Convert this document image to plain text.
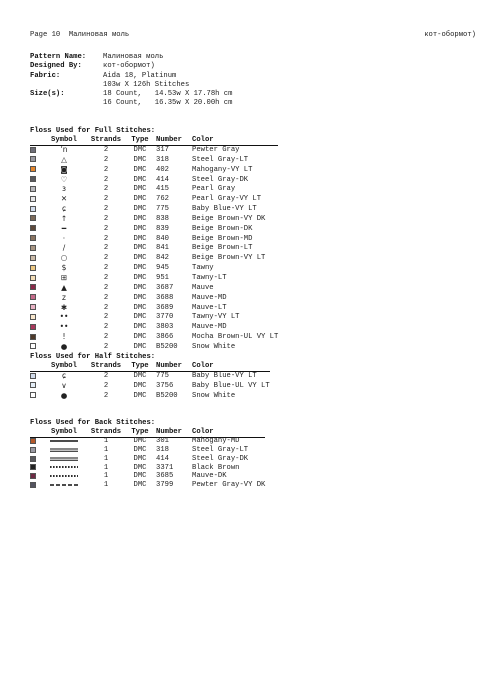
Page 10 Малиновая моль	кот-обормот)
Pattern Name:	Малиновая моль
Designed By:	кот-обормот)
Fabric:	Aida 18, Platinum
103w X 126h Stitches
Size(s):	18 Count,   14.53w X 17.78h cm
16 Count,   16.35w X 20.00h cm
Floss Used for Full Stitches:
	Symbol	Strands	Type	Number	Color
	ʼn	2	DMC	317	Pewter Gray
	△	2	DMC	318	Steel Gray-LT
	◙	2	DMC	402	Mahogany-VY LT
	♡	2	DMC	414	Steel Gray-DK
	ɜ	2	DMC	415	Pearl Gray
	✕	2	DMC	762	Pearl Gray-VY LT
	ɕ	2	DMC	775	Baby Blue-VY LT
	↑	2	DMC	838	Beige Brown-VY DK
	━	2	DMC	839	Beige Brown-DK
	·	2	DMC	840	Beige Brown-MD
	∕	2	DMC	841	Beige Brown-LT
	○	2	DMC	842	Beige Brown-VY LT
	$	2	DMC	945	Tawny
	⊞	2	DMC	951	Tawny-LT
	▲	2	DMC	3687	Mauve
	z	2	DMC	3688	Mauve-MD
	✱	2	DMC	3689	Mauve-LT
	••	2	DMC	3770	Tawny-VY LT
	••	2	DMC	3803	Mauve-MD
	!	2	DMC	3866	Mocha Brown-UL VY LT
	●	2	DMC	B5200	Snow White
Floss Used for Half Stitches:
	Symbol	Strands	Type	Number	Color
	ɕ	2	DMC	775	Baby Blue-VY LT
	∨	2	DMC	3756	Baby Blue-UL VY LT
	●	2	DMC	B5200	Snow White
Floss Used for Back Stitches:
	Symbol	Strands	Type	Number	Color
		1	DMC	301	Mahogany-MD
		1	DMC	318	Steel Gray-LT
		1	DMC	414	Steel Gray-DK
		1	DMC	3371	Black Brown
		1	DMC	3685	Mauve-DK
		1	DMC	3799	Pewter Gray-VY DK
